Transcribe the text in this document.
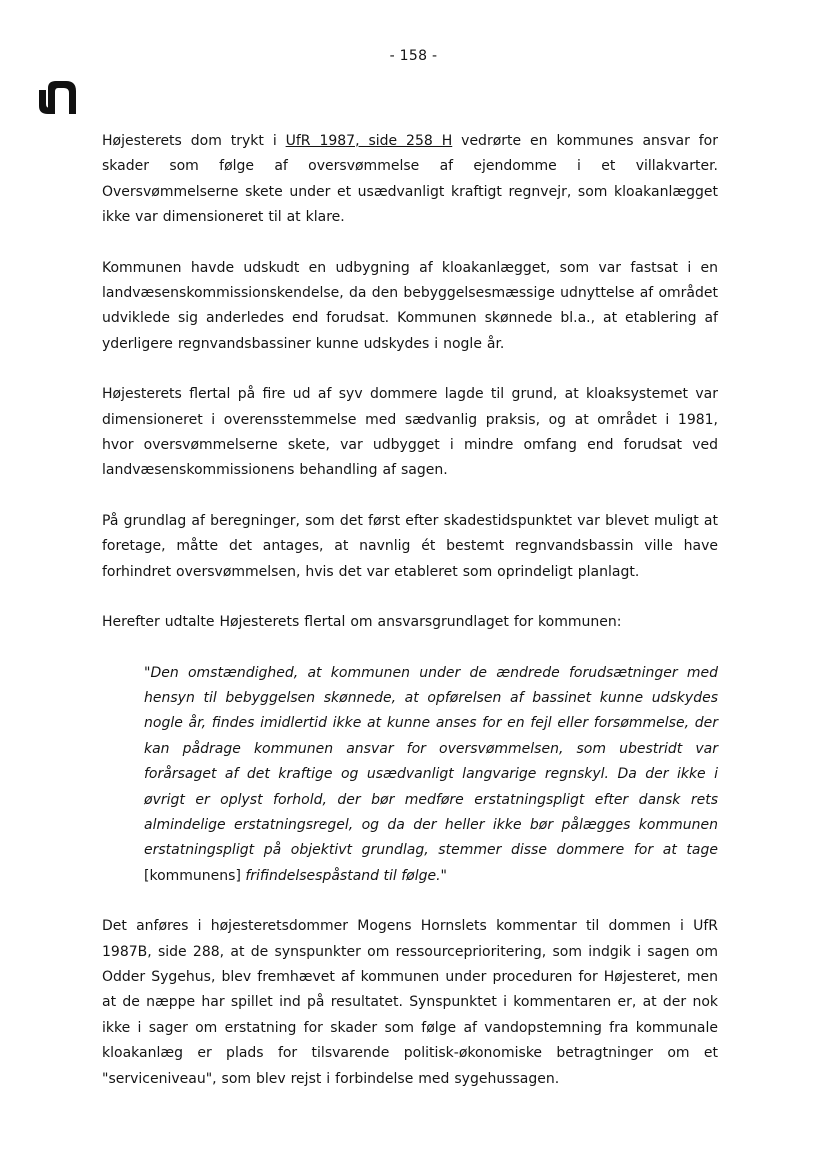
- 158 -

Højesterets dom trykt i UfR 1987, side 258 H vedrørte en kommunes ansvar for skader som følge af oversvømmelse af ejendomme i et villakvarter. Oversvømmelserne skete under et usædvanligt kraftigt regnvejr, som kloakanlægget ikke var dimensioneret til at klare.

Kommunen havde udskudt en udbygning af kloakanlægget, som var fastsat i en landvæsenskommissionskendelse, da den bebyggelsesmæssige udnyttelse af området udviklede sig anderledes end forudsat. Kommunen skønnede bl.a., at etablering af yderligere regnvandsbassiner kunne udskydes i nogle år.

Højesterets flertal på fire ud af syv dommere lagde til grund, at kloaksystemet var dimensioneret i overensstemmelse med sædvanlig praksis, og at området i 1981, hvor oversvømmelserne skete, var udbygget i mindre omfang end forudsat ved landvæsenskommissionens behandling af sagen.

På grundlag af beregninger, som det først efter skadestidspunktet var blevet muligt at foretage, måtte det antages, at navnlig ét bestemt regnvandsbassin ville have forhindret oversvømmelsen, hvis det var etableret som oprindeligt planlagt.

Herefter udtalte Højesterets flertal om ansvarsgrundlaget for kommunen:

"Den omstændighed, at kommunen under de ændrede forudsætninger med hensyn til bebyggelsen skønnede, at opførelsen af bassinet kunne udskydes nogle år, findes imidlertid ikke at kunne anses for en fejl eller forsømmelse, der kan pådrage kommunen ansvar for oversvømmelsen, som ubestridt var forårsaget af det kraftige og usædvanligt langvarige regnskyl. Da der ikke i øvrigt er oplyst forhold, der bør medføre erstatningspligt efter dansk rets almindelige erstatningsregel, og da der heller ikke bør pålægges kommunen erstatningspligt på objektivt grundlag, stemmer disse dommere for at tage [kommunens] frifindelsespåstand til følge."

Det anføres i højesteretsdommer Mogens Hornslets kommentar til dommen i UfR 1987B, side 288, at de synspunkter om ressourceprioritering, som indgik i sagen om Odder Sygehus, blev fremhævet af kommunen under proceduren for Højesteret, men at de næppe har spillet ind på resultatet. Synspunktet i kommentaren er, at der nok ikke i sager om erstatning for skader som følge af vandopstemning fra kommunale kloakanlæg er plads for tilsvarende politisk-økonomiske betragtninger om et "serviceniveau", som blev rejst i forbindelse med sygehussagen.
